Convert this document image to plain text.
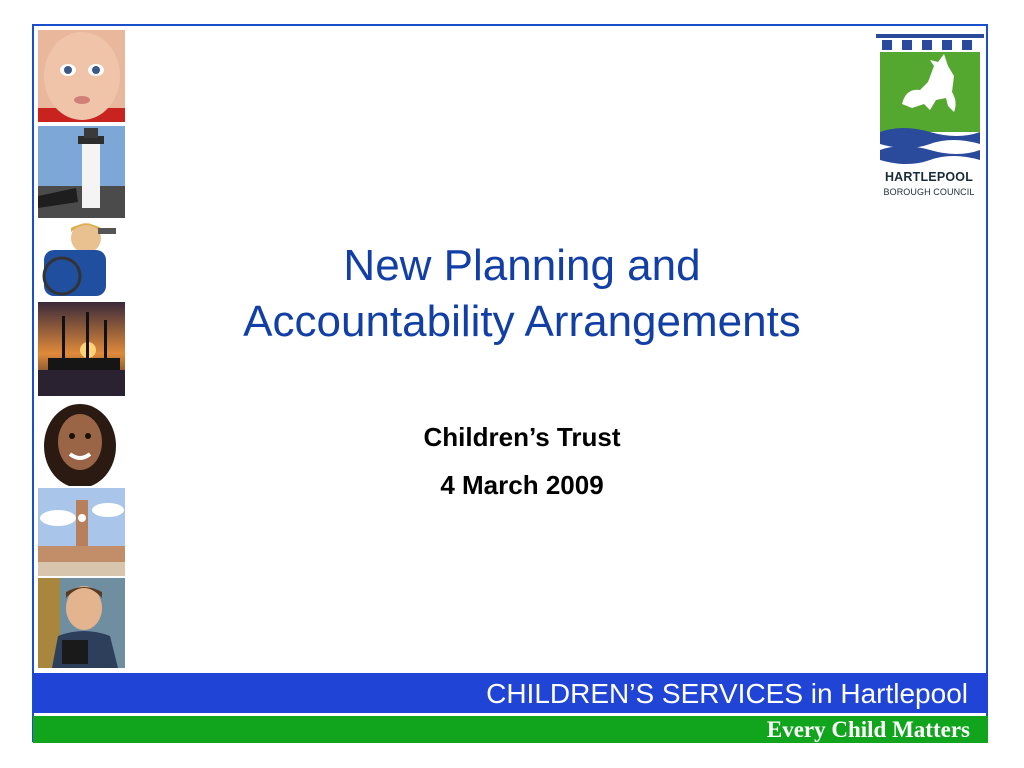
HARTLEPOOL
BOROUGH COUNCIL
New Planning and
Accountability Arrangements
Children’s Trust
4 March 2009
CHILDREN’S SERVICES in Hartlepool
Every Child Matters
